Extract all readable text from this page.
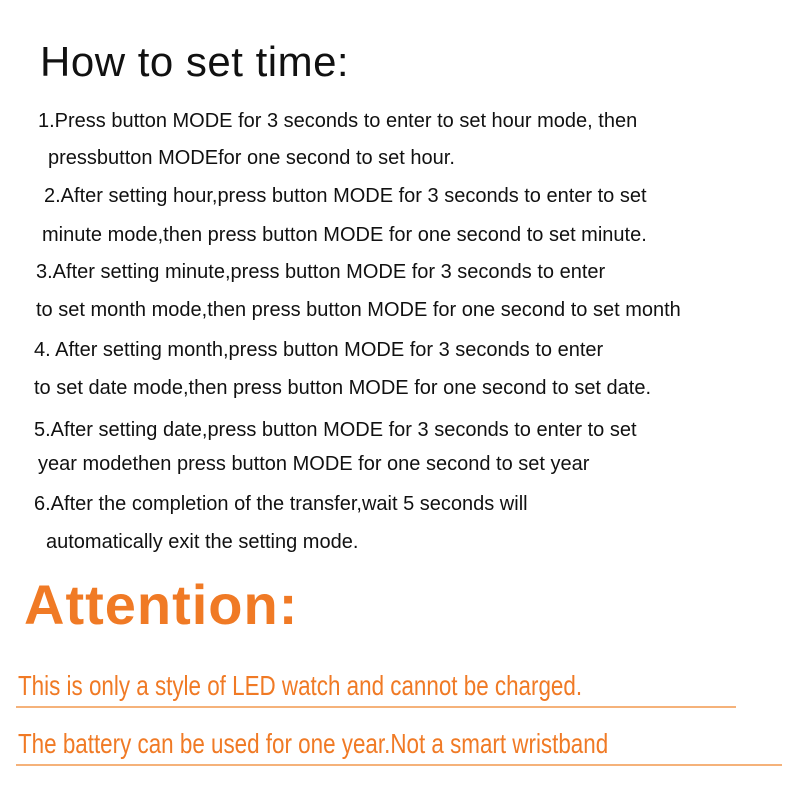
How to set time:

1.Press button MODE for 3 seconds to enter to set hour mode, then

pressbutton MODEfor one second to set hour.

2.After setting hour,press button MODE for 3 seconds to enter to set

minute mode,then press button MODE for one second to set minute.

3.After setting minute,press button MODE for 3 seconds to enter

to set month mode,then press button MODE for one second to set month

4. After setting month,press button MODE for 3 seconds to enter

to set date mode,then press button MODE for one second to set date.

5.After setting date,press button MODE for 3 seconds to enter to set

year modethen press button MODE for one second to set year

6.After the completion of the transfer,wait 5 seconds will

automatically exit the setting mode.

Attention:

This is only a style of LED watch and cannot be charged.

The battery can be used for one year.Not a smart wristband
